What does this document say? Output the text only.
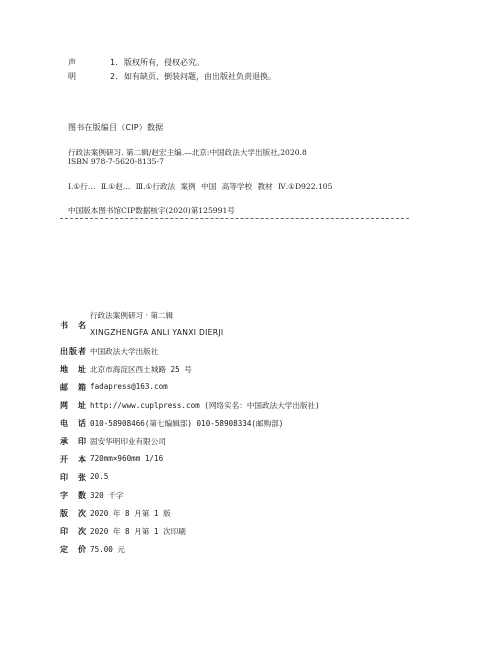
声明
1. 版权所有，侵权必究。
2. 如有缺页、倒装问题，由出版社负责退换。
图书在版编目（CIP）数据
行政法案例研习. 第二辑/赵宏主编.—北京:中国政法大学出版社,2020.8
ISBN 978-7-5620-8135-7
Ⅰ.①行… Ⅱ.①赵… Ⅲ.①行政法 案例 中国 高等学校 教材 Ⅳ.①D922.105
中国版本图书馆CIP数据核字(2020)第125991号
书名
行政法案例研习 · 第二辑
XINGZHENGFA ANLI YANXI DIERJI
出版者 中国政法大学出版社
地址 北京市海淀区西土城路 25 号
邮箱 fadapress@163.com
网址 http://www.cuplpress.com (网络实名：中国政法大学出版社)
电话 010-58908466(第七编辑部) 010-58908334(邮购部)
承印 固安华明印业有限公司
开本 720mm×960mm 1/16
印张 20.5
字数 320 千字
版次 2020 年 8 月第 1 版
印次 2020 年 8 月第 1 次印刷
定价 75.00 元
